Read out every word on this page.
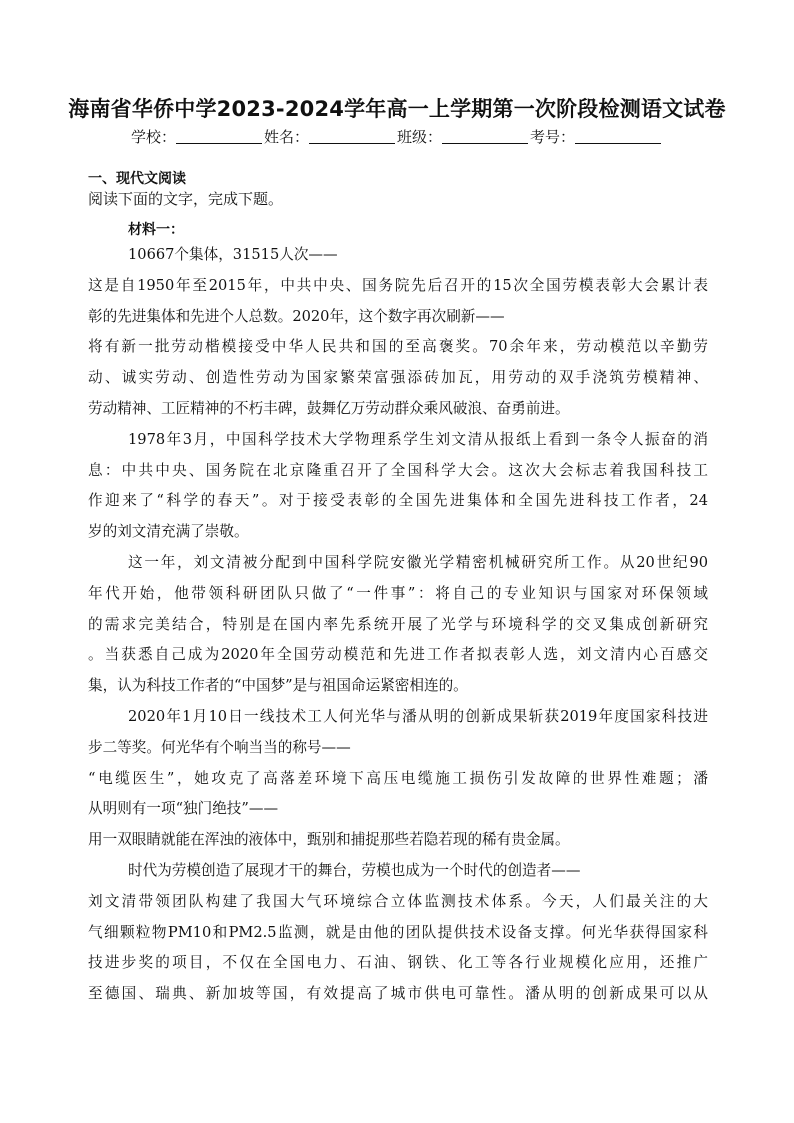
海南省华侨中学2023-2024学年高一上学期第一次阶段检测语文试卷
学校：	姓名：	班级：	考号：
一、现代文阅读
阅读下面的文字，完成下题。
材料一：
10667个集体，31515人次——
这是自1950年至2015年，中共中央、国务院先后召开的15次全国劳模表彰大会累计表
彰的先进集体和先进个人总数。2020年，这个数字再次刷新——
将有新一批劳动楷模接受中华人民共和国的至高褒奖。70余年来，劳动模范以辛勤劳
动、诚实劳动、创造性劳动为国家繁荣富强添砖加瓦，用劳动的双手浇筑劳模精神、
劳动精神、工匠精神的不朽丰碑，鼓舞亿万劳动群众乘风破浪、奋勇前进。
1978年3月，中国科学技术大学物理系学生刘文清从报纸上看到一条令人振奋的消
息：中共中央、国务院在北京隆重召开了全国科学大会。这次大会标志着我国科技工
作迎来了“科学的春天”。对于接受表彰的全国先进集体和全国先进科技工作者，24
岁的刘文清充满了崇敬。
这一年，刘文清被分配到中国科学院安徽光学精密机械研究所工作。从20世纪90
年代开始，他带领科研团队只做了“一件事”：将自己的专业知识与国家对环保领域
的需求完美结合，特别是在国内率先系统开展了光学与环境科学的交叉集成创新研究
。当获悉自己成为2020年全国劳动模范和先进工作者拟表彰人选，刘文清内心百感交
集，认为科技工作者的“中国梦”是与祖国命运紧密相连的。
2020年1月10日一线技术工人何光华与潘从明的创新成果斩获2019年度国家科技进
步二等奖。何光华有个响当当的称号——
“电缆医生”，她攻克了高落差环境下高压电缆施工损伤引发故障的世界性难题；潘
从明则有一项“独门绝技”——
用一双眼睛就能在浑浊的液体中，甄别和捕捉那些若隐若现的稀有贵金属。
时代为劳模创造了展现才干的舞台，劳模也成为一个时代的创造者——
刘文清带领团队构建了我国大气环境综合立体监测技术体系。今天，人们最关注的大
气细颗粒物PM10和PM2.5监测，就是由他的团队提供技术设备支撑。何光华获得国家科
技进步奖的项目，不仅在全国电力、石油、钢铁、化工等各行业规模化应用，还推广
至德国、瑞典、新加坡等国，有效提高了城市供电可靠性。潘从明的创新成果可以从
